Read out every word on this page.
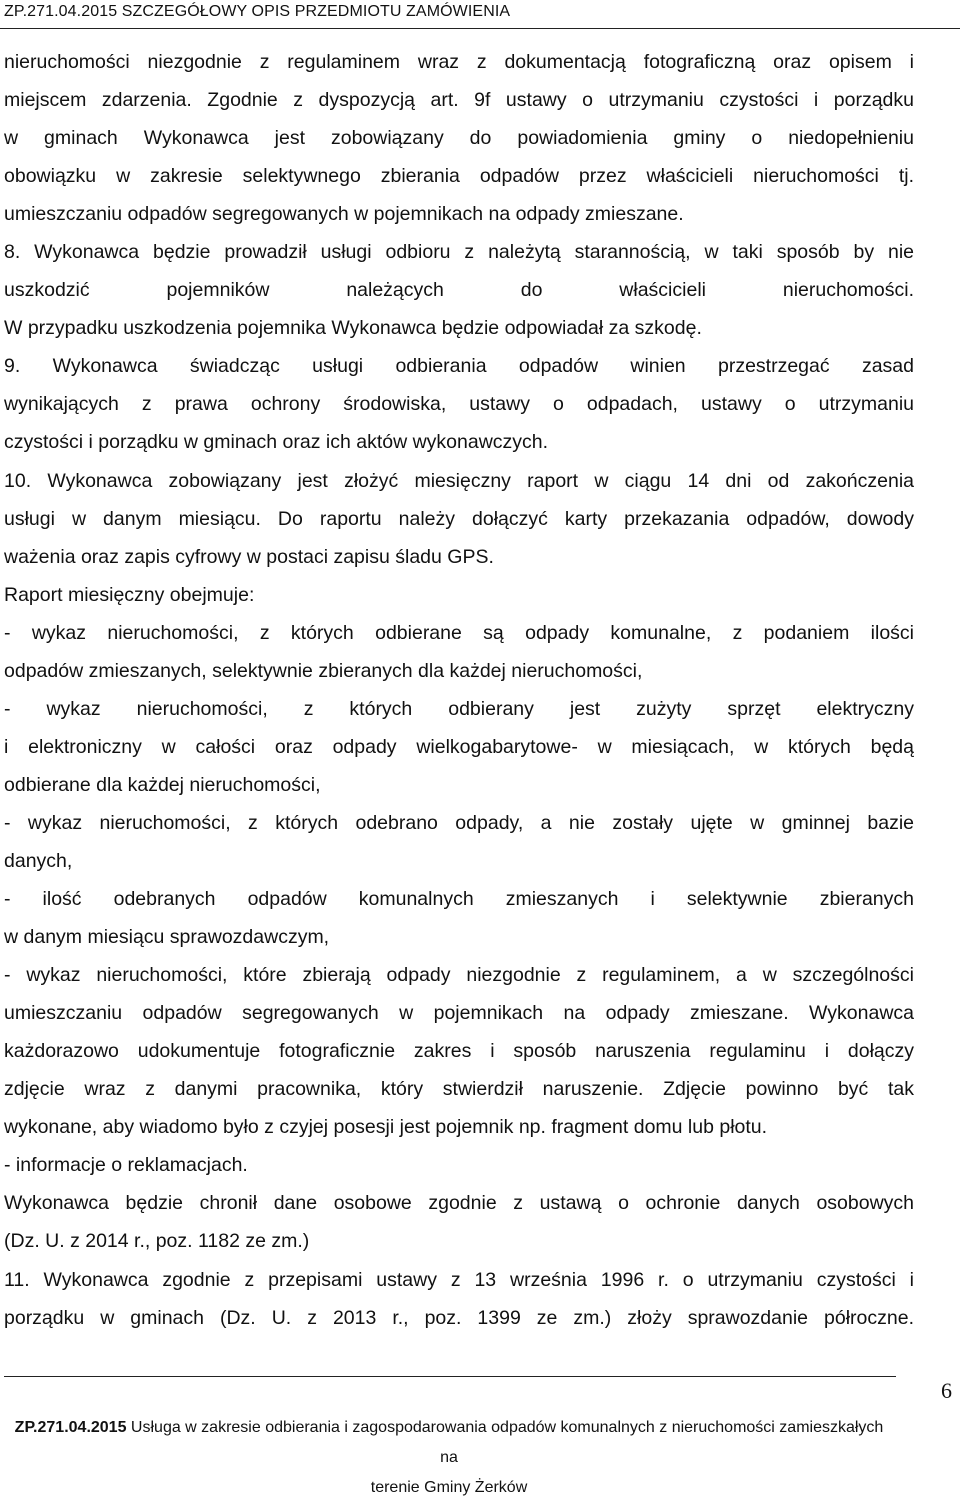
ZP.271.04.2015 SZCZEGÓŁOWY OPIS PRZEDMIOTU ZAMÓWIENIA
nieruchomości niezgodnie z regulaminem wraz z dokumentacją fotograficzną oraz opisem i
miejscem zdarzenia. Zgodnie z dyspozycją art. 9f ustawy o utrzymaniu czystości i porządku
w gminach Wykonawca jest zobowiązany do powiadomienia gminy o niedopełnieniu
obowiązku w zakresie selektywnego zbierania odpadów przez właścicieli nieruchomości tj.
umieszczaniu odpadów segregowanych w pojemnikach na odpady zmieszane.
8. Wykonawca będzie prowadził usługi odbioru z należytą starannością, w taki sposób by nie
uszkodzić pojemników należących do właścicieli nieruchomości.
W przypadku uszkodzenia pojemnika Wykonawca będzie odpowiadał za szkodę.
9. Wykonawca świadcząc usługi odbierania odpadów winien przestrzegać zasad
wynikających z prawa ochrony środowiska, ustawy o odpadach, ustawy o utrzymaniu
czystości i porządku w gminach oraz ich aktów wykonawczych.
10. Wykonawca zobowiązany jest złożyć miesięczny raport w ciągu 14 dni od zakończenia
usługi w danym miesiącu. Do raportu należy dołączyć karty przekazania odpadów, dowody
ważenia oraz zapis cyfrowy w postaci zapisu śladu GPS.
Raport miesięczny obejmuje:
- wykaz nieruchomości, z których odbierane są odpady komunalne, z podaniem ilości
odpadów zmieszanych, selektywnie zbieranych dla każdej nieruchomości,
- wykaz nieruchomości, z których odbierany jest zużyty sprzęt elektryczny
i elektroniczny w całości oraz odpady wielkogabarytowe- w miesiącach, w których będą
odbierane dla każdej nieruchomości,
- wykaz nieruchomości, z których odebrano odpady, a nie zostały ujęte w gminnej bazie
danych,
- ilość odebranych odpadów komunalnych zmieszanych i selektywnie zbieranych
w danym miesiącu sprawozdawczym,
- wykaz nieruchomości, które zbierają odpady niezgodnie z regulaminem, a w szczególności
umieszczaniu odpadów segregowanych w pojemnikach na odpady zmieszane. Wykonawca
każdorazowo udokumentuje fotograficznie zakres i sposób naruszenia regulaminu i dołączy
zdjęcie wraz z danymi pracownika, który stwierdził naruszenie. Zdjęcie powinno być tak
wykonane, aby wiadomo było z czyjej posesji jest pojemnik np. fragment domu lub płotu.
- informacje o reklamacjach.
Wykonawca będzie chronił dane osobowe zgodnie z ustawą o ochronie danych osobowych
(Dz. U. z 2014 r., poz. 1182 ze zm.)
11. Wykonawca zgodnie z przepisami ustawy z 13 września 1996 r. o utrzymaniu czystości i
porządku w gminach (Dz. U. z 2013 r., poz. 1399 ze zm.) złoży sprawozdanie półroczne.
6
ZP.271.04.2015 Usługa w zakresie odbierania i zagospodarowania odpadów komunalnych z nieruchomości zamieszkałych na
terenie Gminy Żerków
